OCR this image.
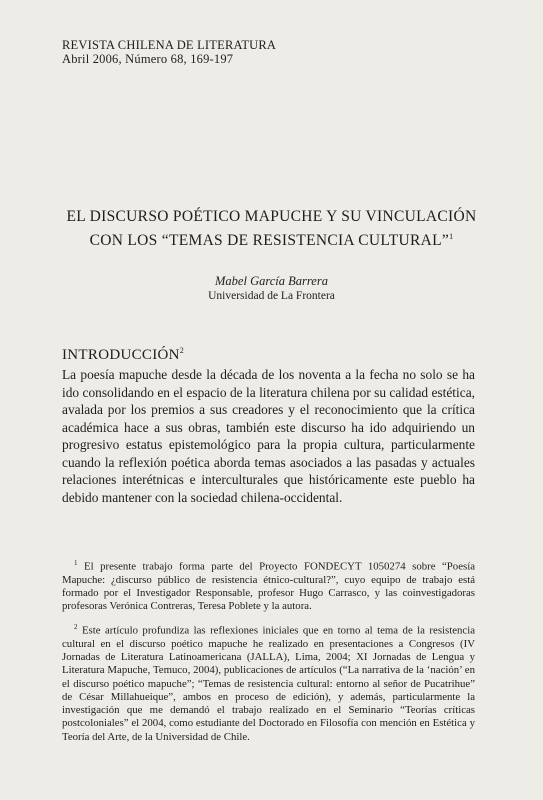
REVISTA CHILENA DE LITERATURA
Abril 2006, Número 68, 169-197
EL DISCURSO POÉTICO MAPUCHE Y SU VINCULACIÓN
CON LOS “TEMAS DE RESISTENCIA CULTURAL”$^1$
Mabel García Barrera
Universidad de La Frontera
INTRODUCCIÓN$^2$
La poesía mapuche desde la década de los noventa a la fecha no solo se ha ido consolidando en el espacio de la literatura chilena por su calidad estética, avalada por los premios a sus creadores y el reconocimiento que la crítica académica hace a sus obras, también este discurso ha ido adquiriendo un progresivo estatus epistemológico para la propia cultura, particularmente cuando la reflexión poética aborda temas asociados a las pasadas y actuales relaciones interétnicas e interculturales que históricamente este pueblo ha debido mantener con la sociedad chilena-occidental.

$^1$ El presente trabajo forma parte del Proyecto FONDECYT 1050274 sobre “Poesía Mapuche: ¿discurso público de resistencia étnico-cultural?”, cuyo equipo de trabajo está formado por el Investigador Responsable, profesor Hugo Carrasco, y las coinvestigadoras profesoras Verónica Contreras, Teresa Poblete y la autora.

$^2$ Este artículo profundiza las reflexiones iniciales que en torno al tema de la resistencia cultural en el discurso poético mapuche he realizado en presentaciones a Congresos (IV Jornadas de Literatura Latinoamericana (JALLA), Lima, 2004; XI Jornadas de Lengua y Literatura Mapuche, Temuco, 2004), publicaciones de artículos (“La narrativa de la ‘nación’ en el discurso poético mapuche”; “Temas de resistencia cultural: entorno al señor de Pucatrihue” de César Millahueique”, ambos en proceso de edición), y además, particularmente la investigación que me demandó el trabajo realizado en el Seminario “Teorías críticas postcoloniales” el 2004, como estudiante del Doctorado en Filosofía con mención en Estética y Teoría del Arte, de la Universidad de Chile.
